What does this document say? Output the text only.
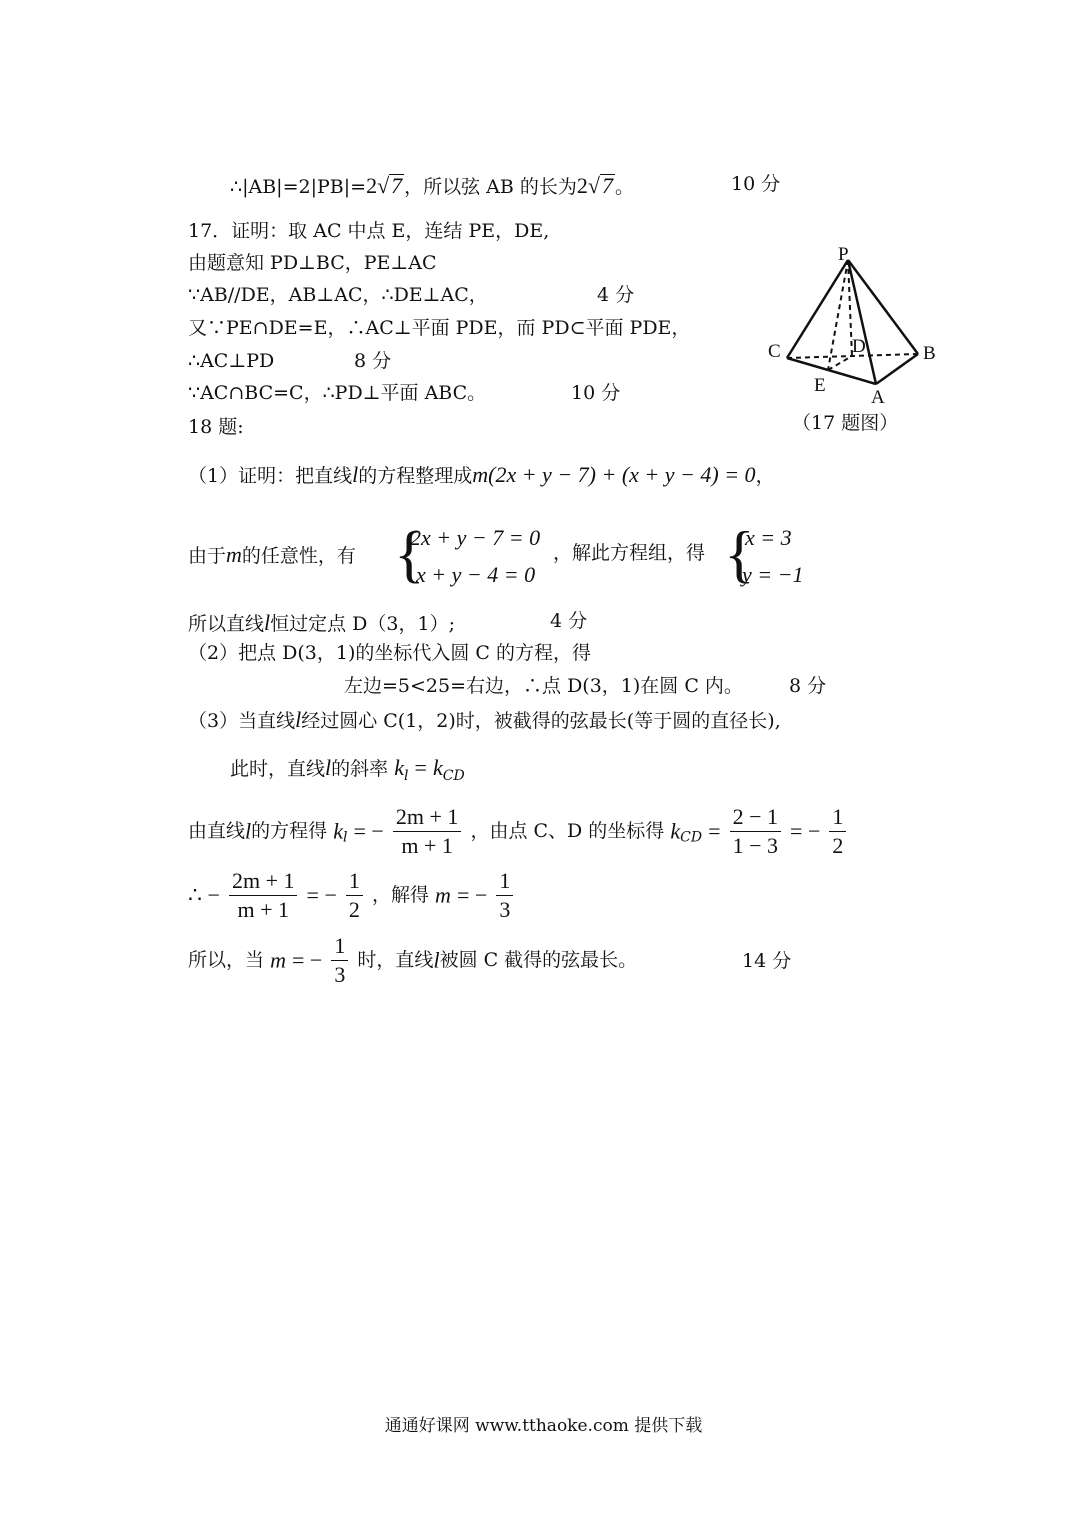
∴|AB|=2|PB|=2√7 ，所以弦 AB 的长为2√7 。	10 分
17．证明：取 AC 中点 E，连结 PE，DE,
由题意知 PD⊥BC，PE⊥AC
∵AB//DE，AB⊥AC，∴DE⊥AC，	4 分
又∵PE∩DE=E，∴AC⊥平面 PDE，而 PD⊂平面 PDE，
∴AC⊥PD	8 分
∵AC∩BC=C，∴PD⊥平面 ABC。	10 分
P
C	D	B
E
A
（17 题图）
18 题:
（1）证明：把直线l的方程整理成m(2x + y − 7) + (x + y − 4) = 0，
由于m的任意性，有 {
2x + y − 7 = 0
x + y − 4 = 0
，解此方程组，得 {
x = 3
y = −1
所以直线l恒过定点 D（3，1）;	4 分
（2）把点 D(3，1)的坐标代入圆 C 的方程，得
左边=5<25=右边，∴点 D(3，1)在圆 C 内。 8 分
（3）当直线l经过圆心 C(1，2)时，被截得的弦最长(等于圆的直径长),
此时，直线l的斜率 $k_l = k_{CD}$
由直线l的方程得 $k_l$ = − $\frac{2m + 1}{m + 1}$ ，由点 C、D 的坐标得 $k_{CD} = \frac{2 - 1}{1 - 3}$ = − $\frac{1}{2}$
∴ − $\frac{2m + 1}{m + 1}$ = − $\frac{1}{2}$ ，解得 m = − $\frac{1}{3}$
所以，当 m = − $\frac{1}{3}$ 时，直线l被圆 C 截得的弦最长。	14 分
通通好课网 www.tthaoke.com 提供下载
